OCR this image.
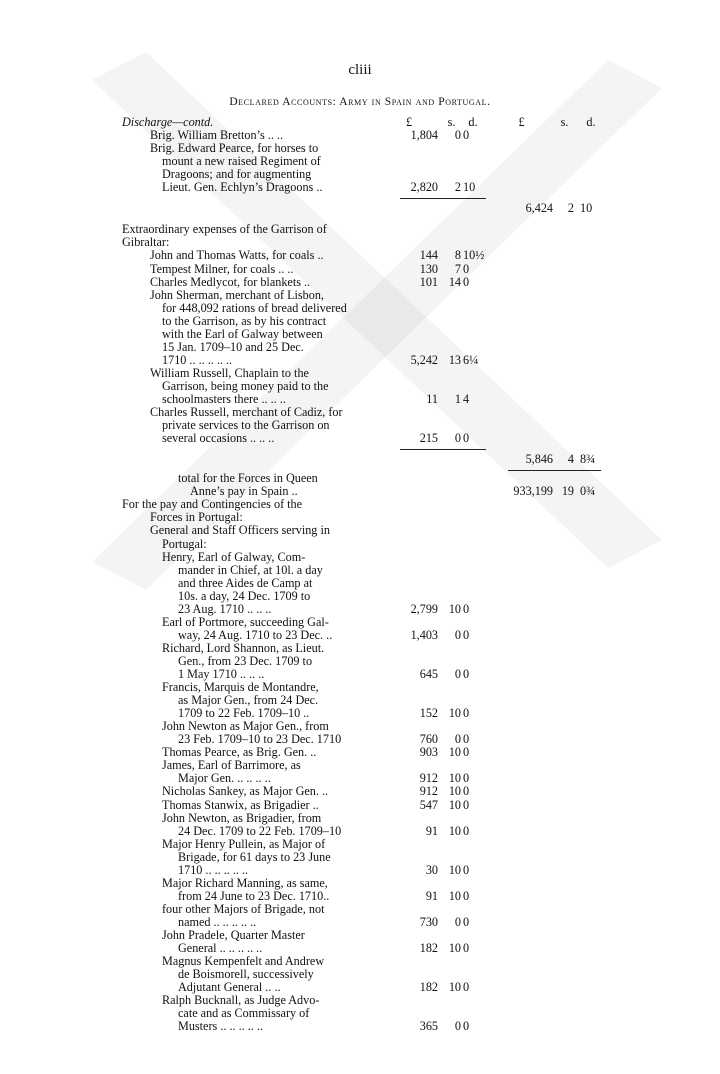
cliii
Declared Accounts: Army in Spain and Portugal.
Discharge—contd.	£	s.	d.	£	s.	d.
Brig. William Bretton’s .. ..	1,804	0 0
Brig. Edward Pearce, for horses to
mount a new raised Regiment of
Dragoons; and for augmenting
Lieut. Gen. Echlyn’s Dragoons ..	2,820	2 10
6,424	2 10
Extraordinary expenses of the Garrison of
Gibraltar:
John and Thomas Watts, for coals ..	144	8 10½
Tempest Milner, for coals .. ..	130	7 0
Charles Medlycot, for blankets ..	101 14 0
John Sherman, merchant of Lisbon,
for 448,092 rations of bread delivered
to the Garrison, as by his contract
with the Earl of Galway between
15 Jan. 1709–10 and 25 Dec.
1710 .. .. .. .. ..	5,242 13 6¼
William Russell, Chaplain to the
Garrison, being money paid to the
schoolmasters there .. .. ..	11	1 4
Charles Russell, merchant of Cadiz, for
private services to the Garrison on
several occasions .. .. ..	215	0 0
5,846	4 8¾
total for the Forces in Queen
Anne’s pay in Spain ..	933,199 19 0¾
For the pay and Contingencies of the
Forces in Portugal:
General and Staff Officers serving in
Portugal:
Henry, Earl of Galway, Com-
mander in Chief, at 10l. a day
and three Aides de Camp at
10s. a day, 24 Dec. 1709 to
23 Aug. 1710 .. .. ..	2,799 10 0
Earl of Portmore, succeeding Gal-
way, 24 Aug. 1710 to 23 Dec. ..	1,403	0 0
Richard, Lord Shannon, as Lieut.
Gen., from 23 Dec. 1709 to
1 May 1710 .. .. ..	645	0 0
Francis, Marquis de Montandre,
as Major Gen., from 24 Dec.
1709 to 22 Feb. 1709–10 ..	152 10 0
John Newton as Major Gen., from
23 Feb. 1709–10 to 23 Dec. 1710	760	0 0
Thomas Pearce, as Brig. Gen. ..	903 10 0
James, Earl of Barrimore, as
Major Gen. .. .. .. ..	912 10 0
Nicholas Sankey, as Major Gen. ..	912 10 0
Thomas Stanwix, as Brigadier ..	547 10 0
John Newton, as Brigadier, from
24 Dec. 1709 to 22 Feb. 1709–10	91 10 0
Major Henry Pullein, as Major of
Brigade, for 61 days to 23 June
1710 .. .. .. .. ..	30 10 0
Major Richard Manning, as same,
from 24 June to 23 Dec. 1710..	91 10 0
four other Majors of Brigade, not
named .. .. .. .. ..	730	0 0
John Pradele, Quarter Master
General .. .. .. .. ..	182 10 0
Magnus Kempenfelt and Andrew
de Boismorell, successively
Adjutant General .. ..	182 10 0
Ralph Bucknall, as Judge Advo-
cate and as Commissary of
Musters .. .. .. .. ..	365	0 0
